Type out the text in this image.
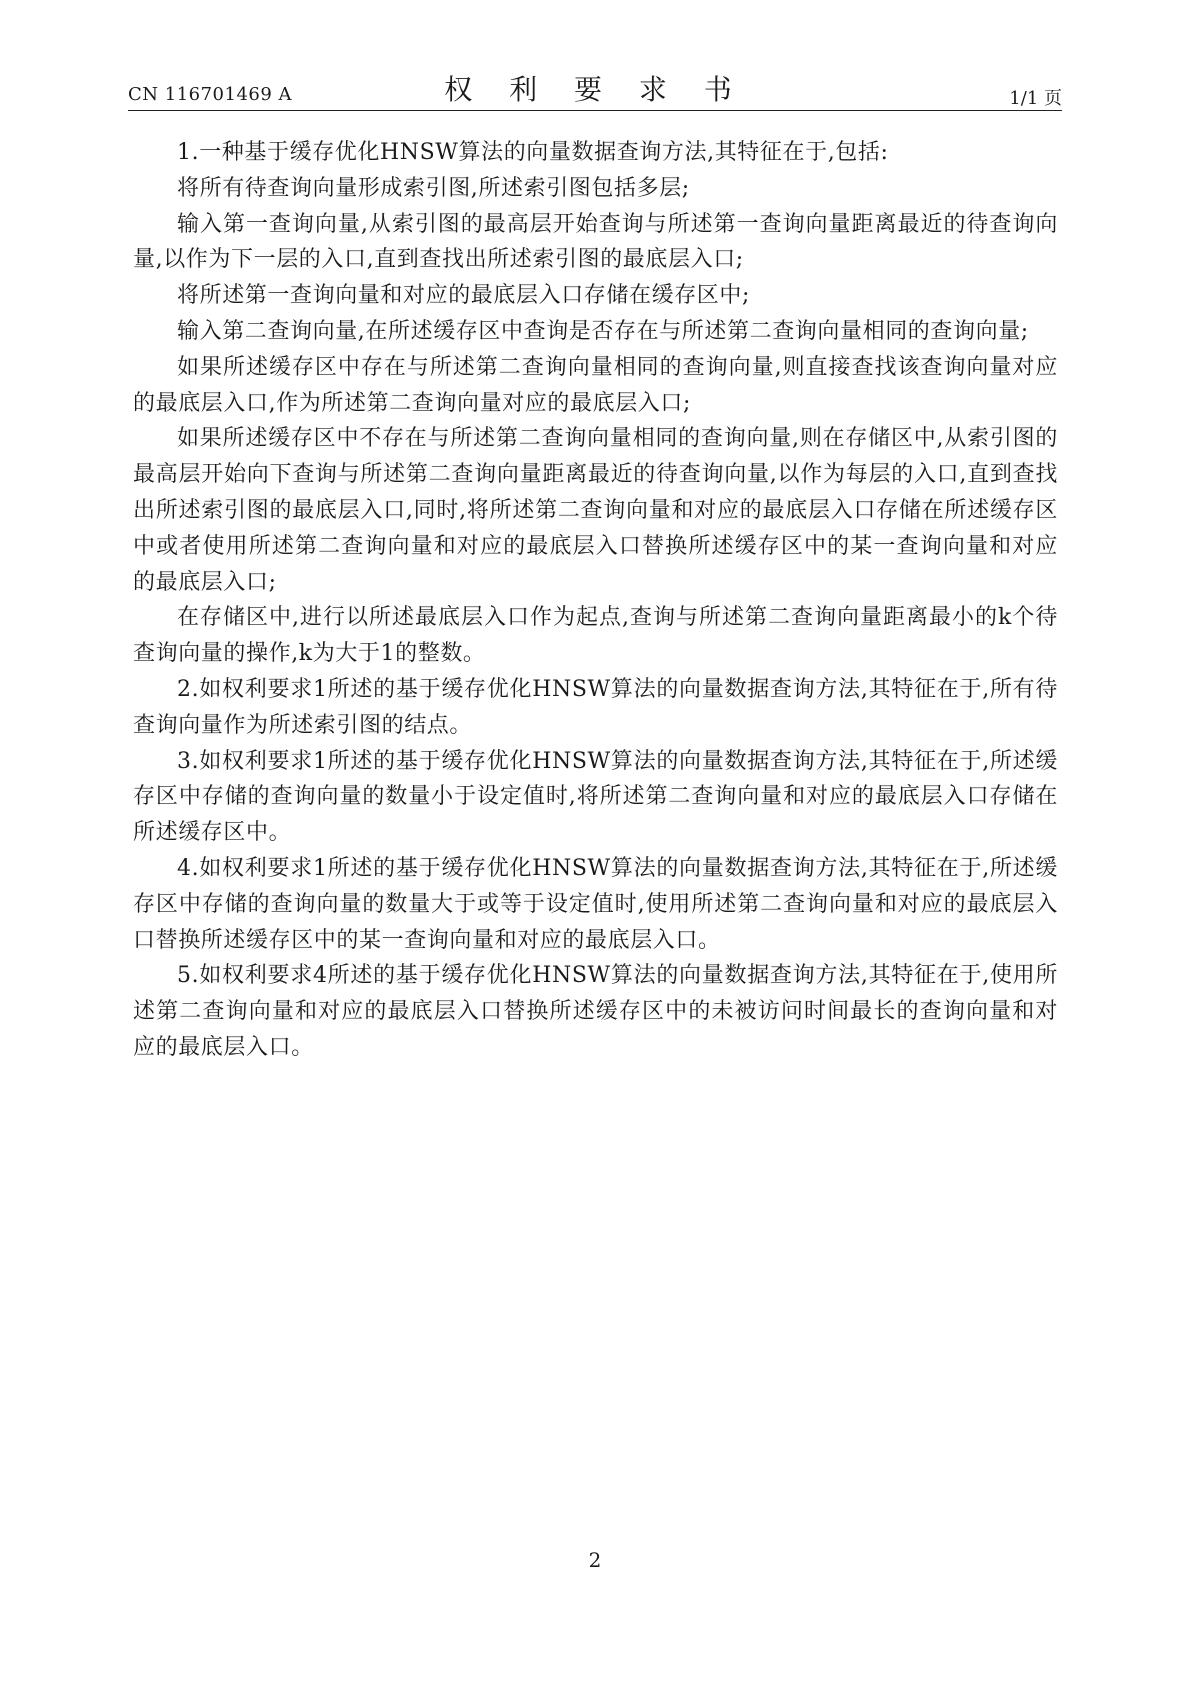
CN 116701469 A	权 利 要 求 书	1/1 页

1.一种基于缓存优化HNSW算法的向量数据查询方法,其特征在于,包括:

将所有待查询向量形成索引图,所述索引图包括多层;

输入第一查询向量,从索引图的最高层开始查询与所述第一查询向量距离最近的待查询向量,以作为下一层的入口,直到查找出所述索引图的最底层入口;

将所述第一查询向量和对应的最底层入口存储在缓存区中;

输入第二查询向量,在所述缓存区中查询是否存在与所述第二查询向量相同的查询向量;

如果所述缓存区中存在与所述第二查询向量相同的查询向量,则直接查找该查询向量对应的最底层入口,作为所述第二查询向量对应的最底层入口;

如果所述缓存区中不存在与所述第二查询向量相同的查询向量,则在存储区中,从索引图的最高层开始向下查询与所述第二查询向量距离最近的待查询向量,以作为每层的入口,直到查找出所述索引图的最底层入口,同时,将所述第二查询向量和对应的最底层入口存储在所述缓存区中或者使用所述第二查询向量和对应的最底层入口替换所述缓存区中的某一查询向量和对应的最底层入口;

在存储区中,进行以所述最底层入口作为起点,查询与所述第二查询向量距离最小的k个待查询向量的操作,k为大于1的整数。

2.如权利要求1所述的基于缓存优化HNSW算法的向量数据查询方法,其特征在于,所有待查询向量作为所述索引图的结点。

3.如权利要求1所述的基于缓存优化HNSW算法的向量数据查询方法,其特征在于,所述缓存区中存储的查询向量的数量小于设定值时,将所述第二查询向量和对应的最底层入口存储在所述缓存区中。

4.如权利要求1所述的基于缓存优化HNSW算法的向量数据查询方法,其特征在于,所述缓存区中存储的查询向量的数量大于或等于设定值时,使用所述第二查询向量和对应的最底层入口替换所述缓存区中的某一查询向量和对应的最底层入口。

5.如权利要求4所述的基于缓存优化HNSW算法的向量数据查询方法,其特征在于,使用所述第二查询向量和对应的最底层入口替换所述缓存区中的未被访问时间最长的查询向量和对应的最底层入口。

2
